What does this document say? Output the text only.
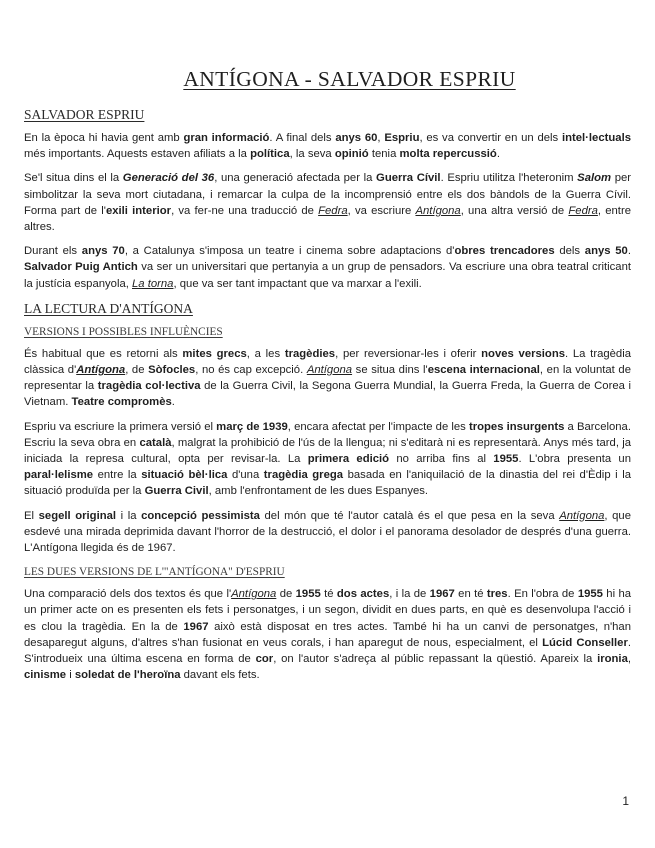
ANTÍGONA - SALVADOR ESPRIU
SALVADOR ESPRIU

En la època hi havia gent amb gran informació. A final dels anys 60, Espriu, es va convertir en un dels intel·lectuals més importants. Aquests estaven afiliats a la política, la seva opinió tenia molta repercussió.

Se'l situa dins el la Generació del 36, una generació afectada per la Guerra Cívil. Espriu utilitza l'heteronim Salom per simbolitzar la seva mort ciutadana, i remarcar la culpa de la incomprensió entre els dos bàndols de la Guerra Cívil. Forma part de l'exili interior, va fer-ne una traducció de Fedra, va escriure Antígona, una altra versió de Fedra, entre altres.

Durant els anys 70, a Catalunya s'imposa un teatre i cinema sobre adaptacions d'obres trencadores dels anys 50. Salvador Puig Antich va ser un universitari que pertanyia a un grup de pensadors. Va escriure una obra teatral criticant la justícia espanyola, La torna, que va ser tant impactant que va marxar a l'exili.

LA LECTURA D'ANTÍGONA
VERSIONS I POSSIBLES INFLUÈNCIES

És habitual que es retorni als mites grecs, a les tragèdies, per reversionar-les i oferir noves versions. La tragèdia clàssica d'Antígona, de Sòfocles, no és cap excepció. Antígona se situa dins l'escena internacional, en la voluntat de representar la tragèdia col·lectiva de la Guerra Civil, la Segona Guerra Mundial, la Guerra Freda, la Guerra de Corea i Vietnam. Teatre compromès.

Espriu va escriure la primera versió el març de 1939, encara afectat per l'impacte de les tropes insurgents a Barcelona. Escriu la seva obra en català, malgrat la prohibició de l'ús de la llengua; ni s'editarà ni es representarà. Anys més tard, ja iniciada la represa cultural, opta per revisar-la. La primera edició no arriba fins al 1955. L'obra presenta un paral·lelisme entre la situació bèl·lica d'una tragèdia grega basada en l'aniquilació de la dinastia del rei d'Èdip i la situació produïda per la Guerra Civil, amb l'enfrontament de les dues Espanyes.

El segell original i la concepció pessimista del món que té l'autor català és el que pesa en la seva Antígona, que esdevé una mirada deprimida davant l'horror de la destrucció, el dolor i el panorama desolador de després d'una guerra. L'Antígona llegida és de 1967.

LES DUES VERSIONS DE L'"ANTÍGONA" D'ESPRIU

Una comparació dels dos textos és que l'Antígona de 1955 té dos actes, i la de 1967 en té tres. En l'obra de 1955 hi ha un primer acte on es presenten els fets i personatges, i un segon, dividit en dues parts, en què es desenvolupa l'acció i es clou la tragèdia. En la de 1967 això està disposat en tres actes. També hi ha un canvi de personatges, n'han desaparegut alguns, d'altres s'han fusionat en veus corals, i han aparegut de nous, especialment, el Lúcid Conseller. S'introdueix una última escena en forma de cor, on l'autor s'adreça al públic repassant la qüestió. Apareix la ironia, cinisme i soledat de l'heroïna davant els fets.

1
